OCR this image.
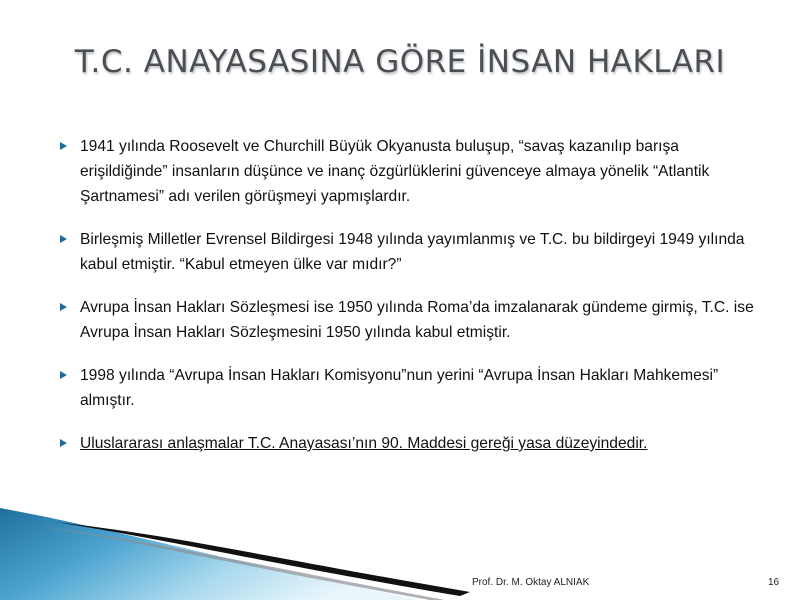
T.C. ANAYASASINA GÖRE İNSAN HAKLARI
1941 yılında Roosevelt ve Churchill Büyük Okyanusta buluşup, “savaş kazanılıp barışa erişildiğinde” insanların düşünce ve inanç özgürlüklerini güvenceye almaya yönelik “Atlantik Şartnamesi” adı verilen görüşmeyi yapmışlardır.
Birleşmiş Milletler Evrensel Bildirgesi 1948 yılında yayımlanmış ve T.C. bu bildirgeyi 1949 yılında kabul etmiştir. “Kabul etmeyen ülke var mıdır?”
Avrupa İnsan Hakları Sözleşmesi ise 1950 yılında Roma’da imzalanarak gündeme girmiş, T.C. ise Avrupa İnsan Hakları Sözleşmesini 1950 yılında kabul etmiştir.
1998 yılında “Avrupa İnsan Hakları Komisyonu”nun yerini “Avrupa İnsan Hakları Mahkemesi” almıştır.
Uluslararası anlaşmalar T.C. Anayasası’nın 90. Maddesi gereği yasa düzeyindedir.
Prof. Dr. M. Oktay ALNIAK	16
